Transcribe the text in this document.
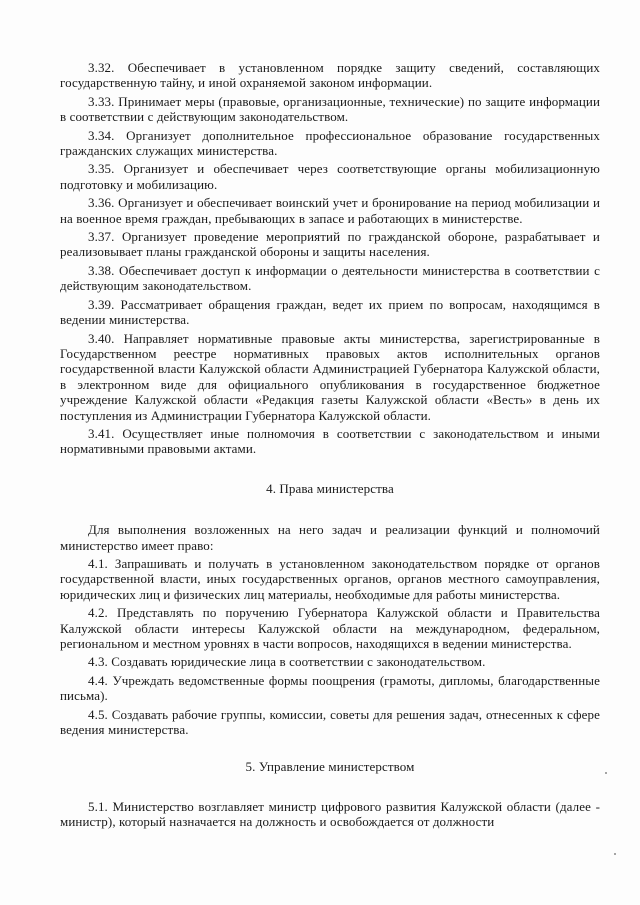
3.32. Обеспечивает в установленном порядке защиту сведений, составляющих государственную тайну, и иной охраняемой законом информации.

3.33. Принимает меры (правовые, организационные, технические) по защите информации в соответствии с действующим законодательством.

3.34. Организует дополнительное профессиональное образование государственных гражданских служащих министерства.

3.35. Организует и обеспечивает через соответствующие органы мобилизационную подготовку и мобилизацию.

3.36. Организует и обеспечивает воинский учет и бронирование на период мобилизации и на военное время граждан, пребывающих в запасе и работающих в министерстве.

3.37. Организует проведение мероприятий по гражданской обороне, разрабатывает и реализовывает планы гражданской обороны и защиты населения.

3.38. Обеспечивает доступ к информации о деятельности министерства в соответствии с действующим законодательством.

3.39. Рассматривает обращения граждан, ведет их прием по вопросам, находящимся в ведении министерства.

3.40. Направляет нормативные правовые акты министерства, зарегистрированные в Государственном реестре нормативных правовых актов исполнительных органов государственной власти Калужской области Администрацией Губернатора Калужской области, в электронном виде для официального опубликования в государственное бюджетное учреждение Калужской области «Редакция газеты Калужской области «Весть» в день их поступления из Администрации Губернатора Калужской области.

3.41. Осуществляет иные полномочия в соответствии с законодательством и иными нормативными правовыми актами.

4. Права министерства

Для выполнения возложенных на него задач и реализации функций и полномочий министерство имеет право:

4.1. Запрашивать и получать в установленном законодательством порядке от органов государственной власти, иных государственных органов, органов местного самоуправления, юридических лиц и физических лиц материалы, необходимые для работы министерства.

4.2. Представлять по поручению Губернатора Калужской области и Правительства Калужской области интересы Калужской области на международном, федеральном, региональном и местном уровнях в части вопросов, находящихся в ведении министерства.

4.3. Создавать юридические лица в соответствии с законодательством.

4.4. Учреждать ведомственные формы поощрения (грамоты, дипломы, благодарственные письма).

4.5. Создавать рабочие группы, комиссии, советы для решения задач, отнесенных к сфере ведения министерства.

5. Управление министерством

5.1. Министерство возглавляет министр цифрового развития Калужской области (далее - министр), который назначается на должность и освобождается от должности
